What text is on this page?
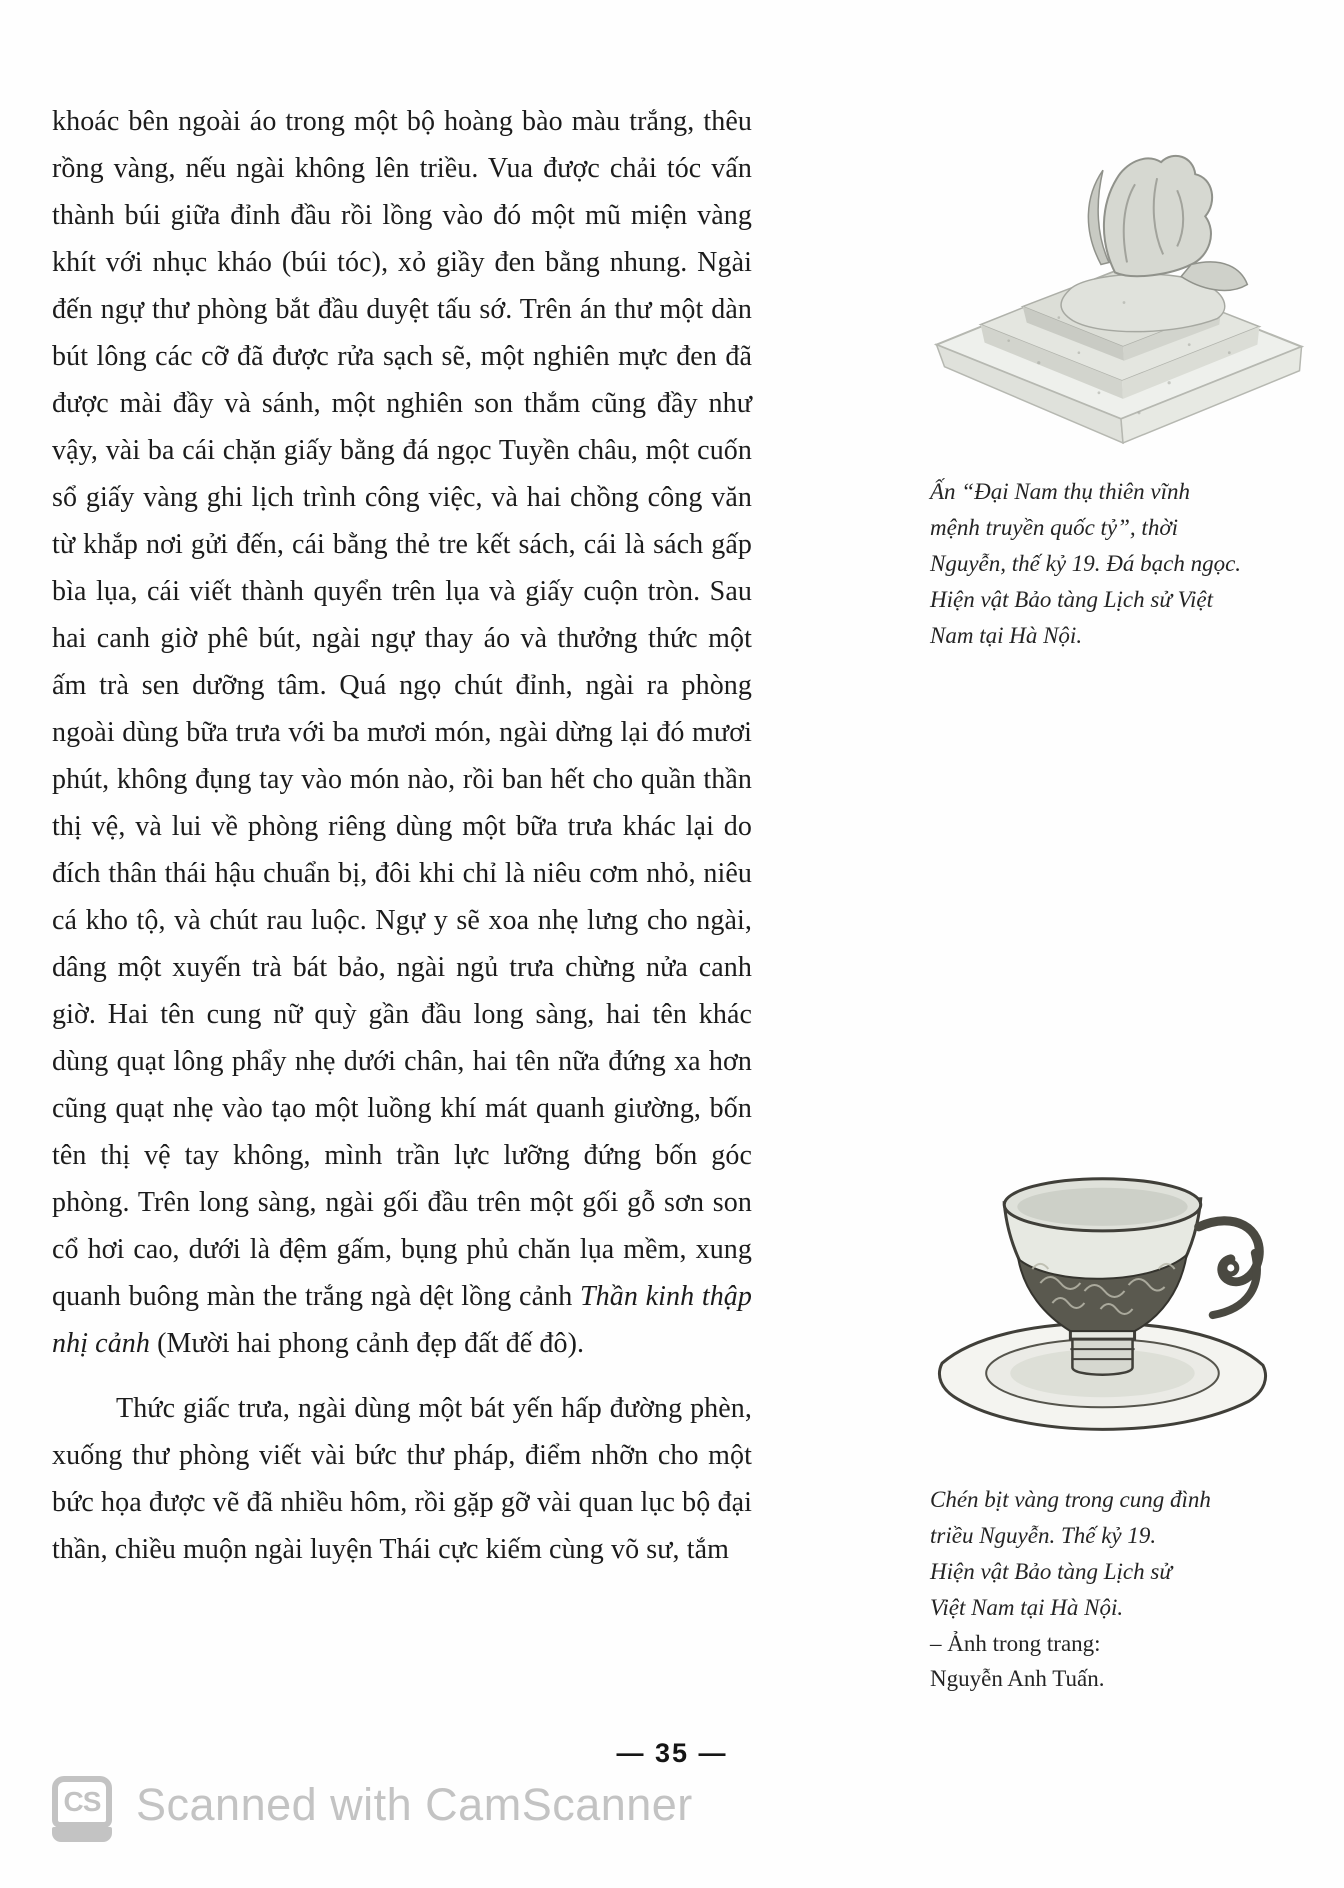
khoác bên ngoài áo trong một bộ hoàng bào màu trắng, thêu rồng vàng, nếu ngài không lên triều. Vua được chải tóc vấn thành búi giữa đỉnh đầu rồi lồng vào đó một mũ miện vàng khít với nhục kháo (búi tóc), xỏ giầy đen bằng nhung. Ngài đến ngự thư phòng bắt đầu duyệt tấu sớ. Trên án thư một dàn bút lông các cỡ đã được rửa sạch sẽ, một nghiên mực đen đã được mài đầy và sánh, một nghiên son thắm cũng đầy như vậy, vài ba cái chặn giấy bằng đá ngọc Tuyền châu, một cuốn sổ giấy vàng ghi lịch trình công việc, và hai chồng công văn từ khắp nơi gửi đến, cái bằng thẻ tre kết sách, cái là sách gấp bìa lụa, cái viết thành quyển trên lụa và giấy cuộn tròn. Sau hai canh giờ phê bút, ngài ngự thay áo và thưởng thức một ấm trà sen dưỡng tâm. Quá ngọ chút đỉnh, ngài ra phòng ngoài dùng bữa trưa với ba mươi món, ngài dừng lại đó mươi phút, không đụng tay vào món nào, rồi ban hết cho quần thần thị vệ, và lui về phòng riêng dùng một bữa trưa khác lại do đích thân thái hậu chuẩn bị, đôi khi chỉ là niêu cơm nhỏ, niêu cá kho tộ, và chút rau luộc. Ngự y sẽ xoa nhẹ lưng cho ngài, dâng một xuyến trà bát bảo, ngài ngủ trưa chừng nửa canh giờ. Hai tên cung nữ quỳ gần đầu long sàng, hai tên khác dùng quạt lông phẩy nhẹ dưới chân, hai tên nữa đứng xa hơn cũng quạt nhẹ vào tạo một luồng khí mát quanh giường, bốn tên thị vệ tay không, mình trần lực lưỡng đứng bốn góc phòng. Trên long sàng, ngài gối đầu trên một gối gỗ sơn son cổ hơi cao, dưới là đệm gấm, bụng phủ chăn lụa mềm, xung quanh buông màn the trắng ngà dệt lồng cảnh Thần kinh thập nhị cảnh (Mười hai phong cảnh đẹp đất đế đô).

Thức giấc trưa, ngài dùng một bát yến hấp đường phèn, xuống thư phòng viết vài bức thư pháp, điểm nhỡn cho một bức họa được vẽ đã nhiều hôm, rồi gặp gỡ vài quan lục bộ đại thần, chiều muộn ngài luyện Thái cực kiếm cùng võ sư, tắm

Ấn “Đại Nam thụ thiên vĩnh
mệnh truyền quốc tỷ”, thời
Nguyễn, thế kỷ 19. Đá bạch ngọc.
Hiện vật Bảo tàng Lịch sử Việt
Nam tại Hà Nội.
Chén bịt vàng trong cung đình
triều Nguyễn. Thế kỷ 19.
Hiện vật Bảo tàng Lịch sử
Việt Nam tại Hà Nội.
– Ảnh trong trang:
Nguyễn Anh Tuấn.
— 35 —
CS Scanned with CamScanner
